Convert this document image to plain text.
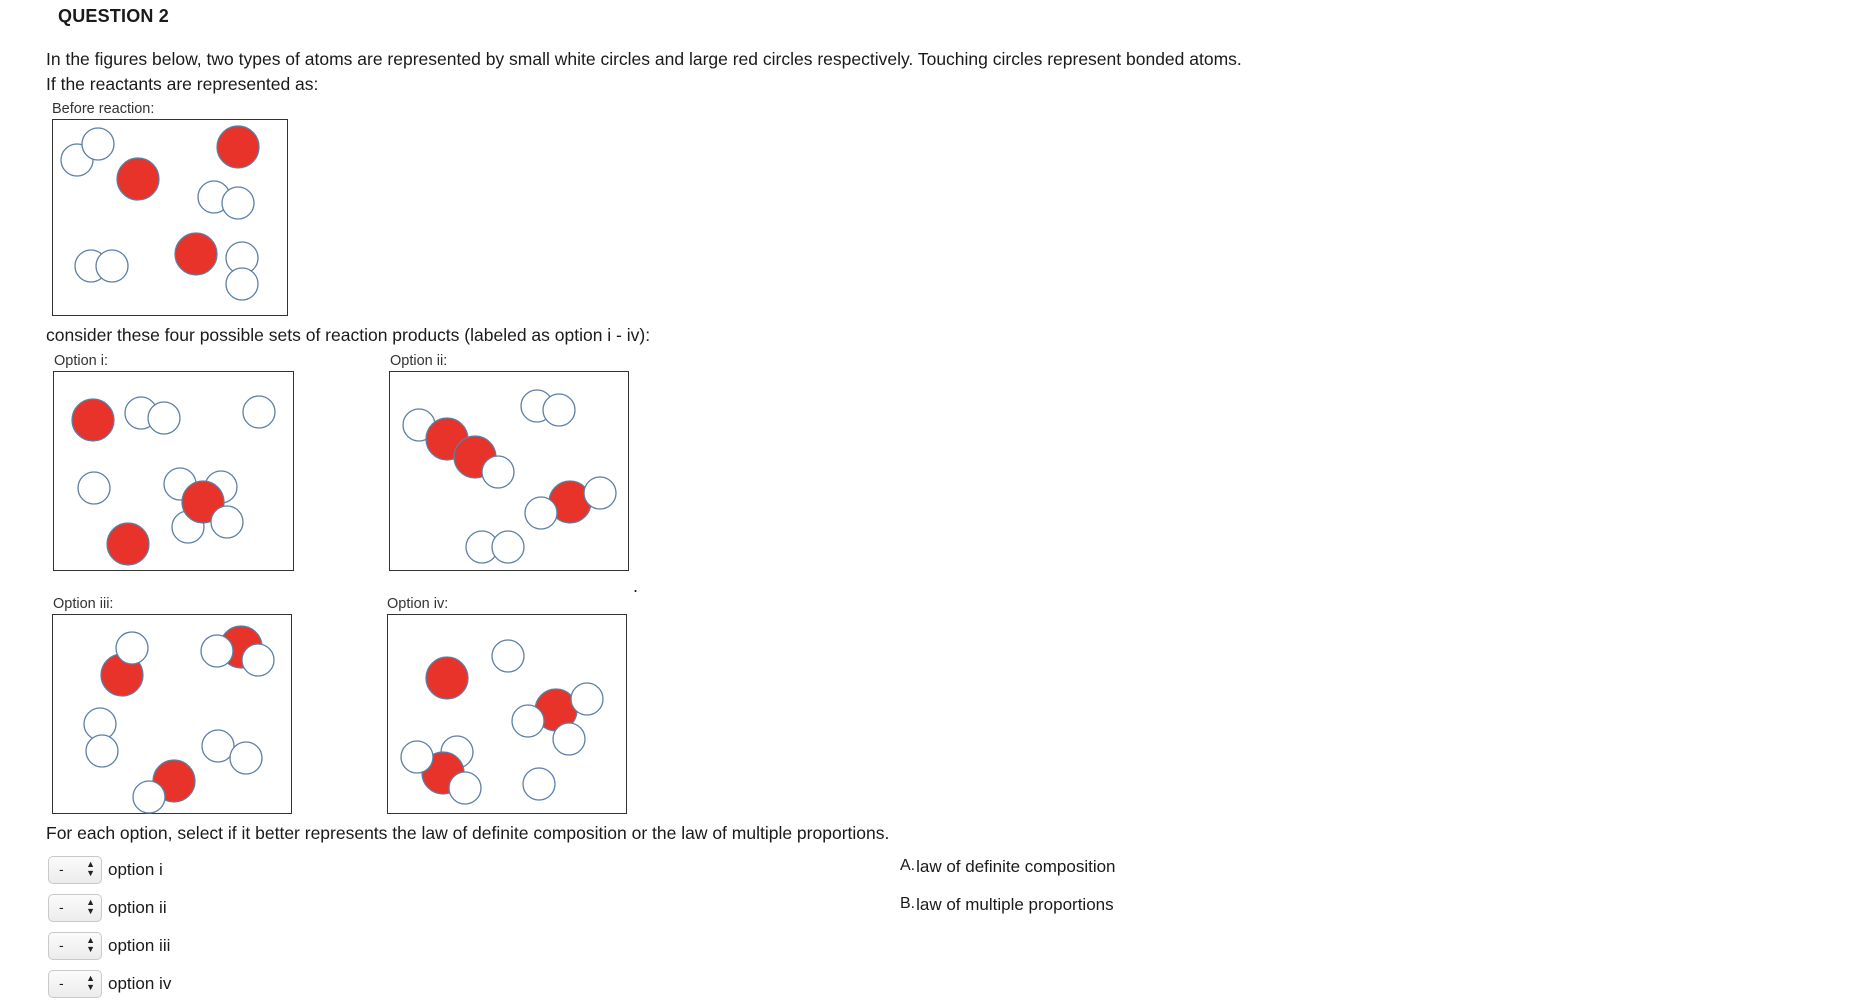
QUESTION 2
In the figures below, two types of atoms are represented by small white circles and large red circles respectively. Touching circles represent bonded atoms.
If the reactants are represented as:
Before reaction:
consider these four possible sets of reaction products (labeled as option i - iv):
Option i:	Option ii:
.
Option iii:	Option iv:
For each option, select if it better represents the law of definite composition or the law of multiple proportions.
- ▲
▼ option i
- ▲
▼ option ii
- ▲
▼ option iii
- ▲
▼ option iv
A.law of definite composition
B.law of multiple proportions
